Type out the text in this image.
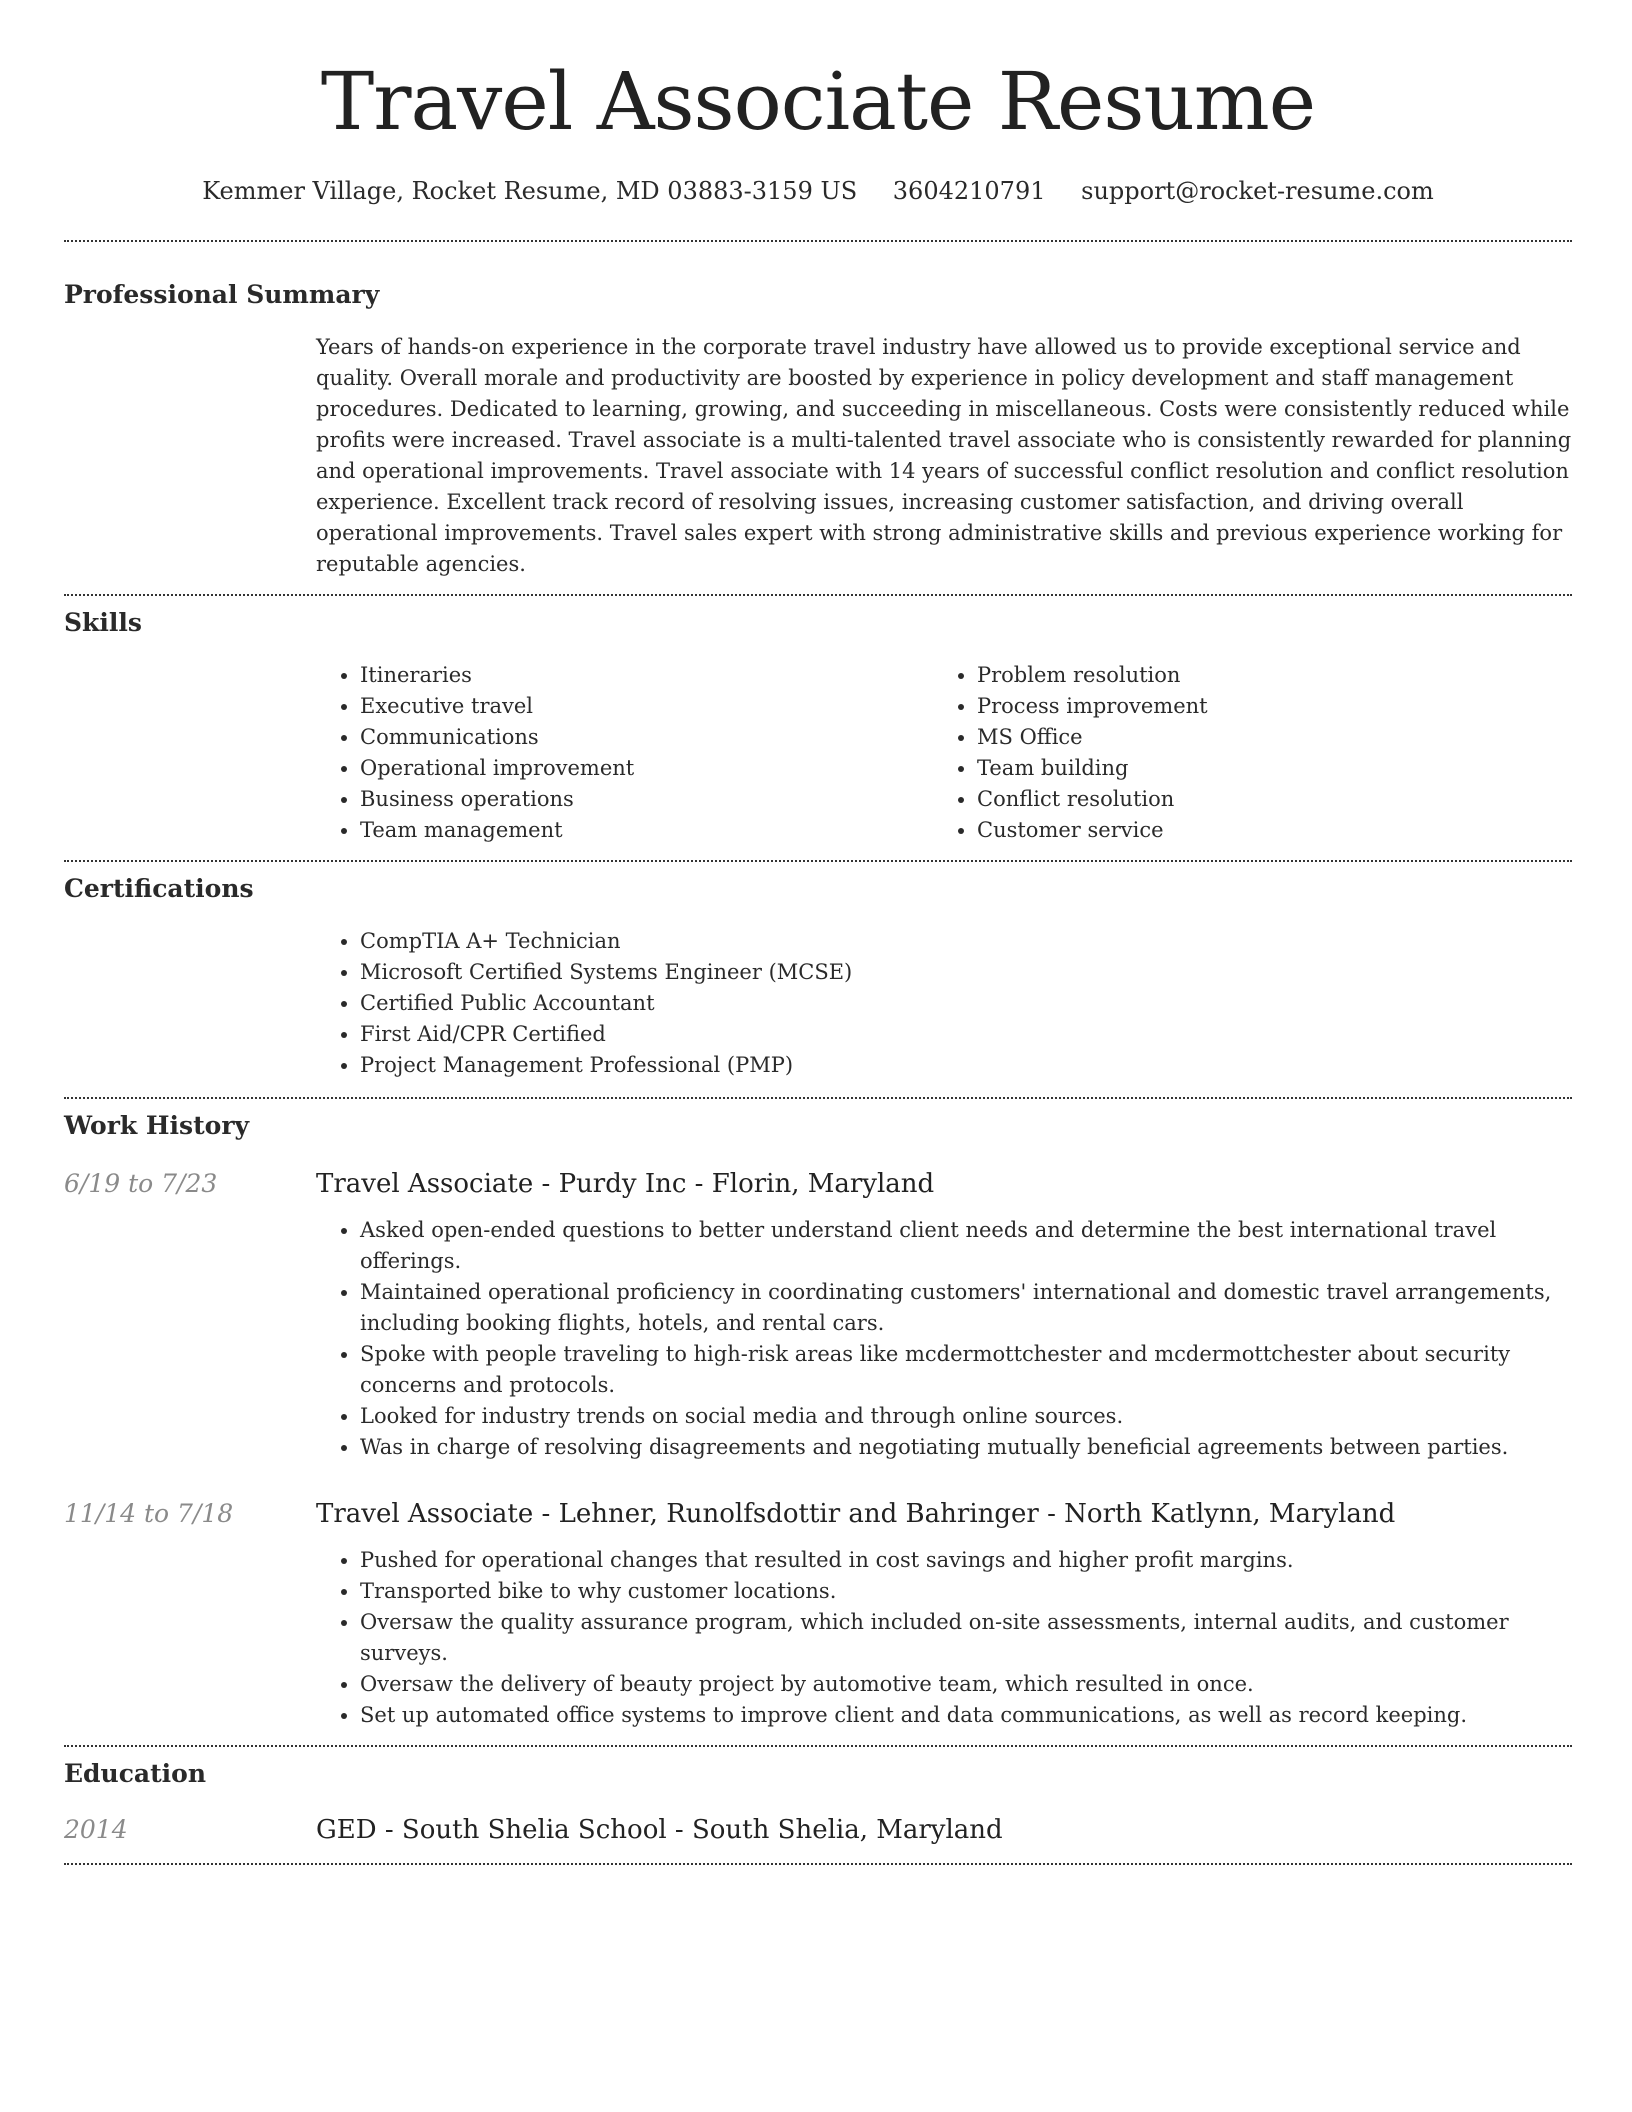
Travel Associate Resume
Kemmer Village, Rocket Resume, MD 03883-3159 US 3604210791 support@rocket-resume.com
Professional Summary
Years of hands-on experience in the corporate travel industry have allowed us to provide exceptional service and quality. Overall morale and productivity are boosted by experience in policy development and staff management procedures. Dedicated to learning, growing, and succeeding in miscellaneous. Costs were consistently reduced while profits were increased. Travel associate is a multi-talented travel associate who is consistently rewarded for planning and operational improvements. Travel associate with 14 years of successful conflict resolution and conflict resolution experience. Excellent track record of resolving issues, increasing customer satisfaction, and driving overall operational improvements. Travel sales expert with strong administrative skills and previous experience working for reputable agencies.
Skills
• Itineraries
• Executive travel
• Communications
• Operational improvement
• Business operations
• Team management
• Problem resolution
• Process improvement
• MS Office
• Team building
• Conflict resolution
• Customer service
Certifications
• CompTIA A+ Technician
• Microsoft Certified Systems Engineer (MCSE)
• Certified Public Accountant
• First Aid/CPR Certified
• Project Management Professional (PMP)
Work History
6/19 to 7/23	Travel Associate - Purdy Inc - Florin, Maryland
• Asked open-ended questions to better understand client needs and determine the best international travel offerings.
• Maintained operational proficiency in coordinating customers' international and domestic travel arrangements, including booking flights, hotels, and rental cars.
• Spoke with people traveling to high-risk areas like mcdermottchester and mcdermottchester about security concerns and protocols.
• Looked for industry trends on social media and through online sources.
• Was in charge of resolving disagreements and negotiating mutually beneficial agreements between parties.
11/14 to 7/18	Travel Associate - Lehner, Runolfsdottir and Bahringer - North Katlynn, Maryland
• Pushed for operational changes that resulted in cost savings and higher profit margins.
• Transported bike to why customer locations.
• Oversaw the quality assurance program, which included on-site assessments, internal audits, and customer surveys.
• Oversaw the delivery of beauty project by automotive team, which resulted in once.
• Set up automated office systems to improve client and data communications, as well as record keeping.
Education
2014	GED - South Shelia School - South Shelia, Maryland
